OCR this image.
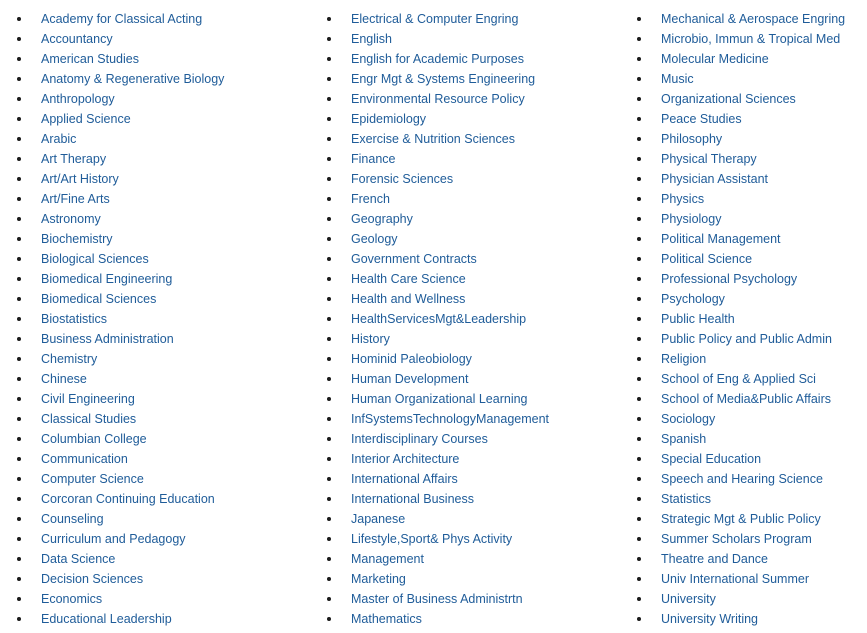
Academy for Classical Acting
Accountancy
American Studies
Anatomy & Regenerative Biology
Anthropology
Applied Science
Arabic
Art Therapy
Art/Art History
Art/Fine Arts
Astronomy
Biochemistry
Biological Sciences
Biomedical Engineering
Biomedical Sciences
Biostatistics
Business Administration
Chemistry
Chinese
Civil Engineering
Classical Studies
Columbian College
Communication
Computer Science
Corcoran Continuing Education
Counseling
Curriculum and Pedagogy
Data Science
Decision Sciences
Economics
Educational Leadership
Electrical & Computer Engring
English
English for Academic Purposes
Engr Mgt & Systems Engineering
Environmental Resource Policy
Epidemiology
Exercise & Nutrition Sciences
Finance
Forensic Sciences
French
Geography
Geology
Government Contracts
Health Care Science
Health and Wellness
HealthServicesMgt&Leadership
History
Hominid Paleobiology
Human Development
Human Organizational Learning
InfSystemsTechnologyManagement
Interdisciplinary Courses
Interior Architecture
International Affairs
International Business
Japanese
Lifestyle,Sport& Phys Activity
Management
Marketing
Master of Business Administrtn
Mathematics
Mechanical & Aerospace Engring
Microbio, Immun & Tropical Med
Molecular Medicine
Music
Organizational Sciences
Peace Studies
Philosophy
Physical Therapy
Physician Assistant
Physics
Physiology
Political Management
Political Science
Professional Psychology
Psychology
Public Health
Public Policy and Public Admin
Religion
School of Eng & Applied Sci
School of Media&Public Affairs
Sociology
Spanish
Special Education
Speech and Hearing Science
Statistics
Strategic Mgt & Public Policy
Summer Scholars Program
Theatre and Dance
Univ International Summer
University
University Writing
